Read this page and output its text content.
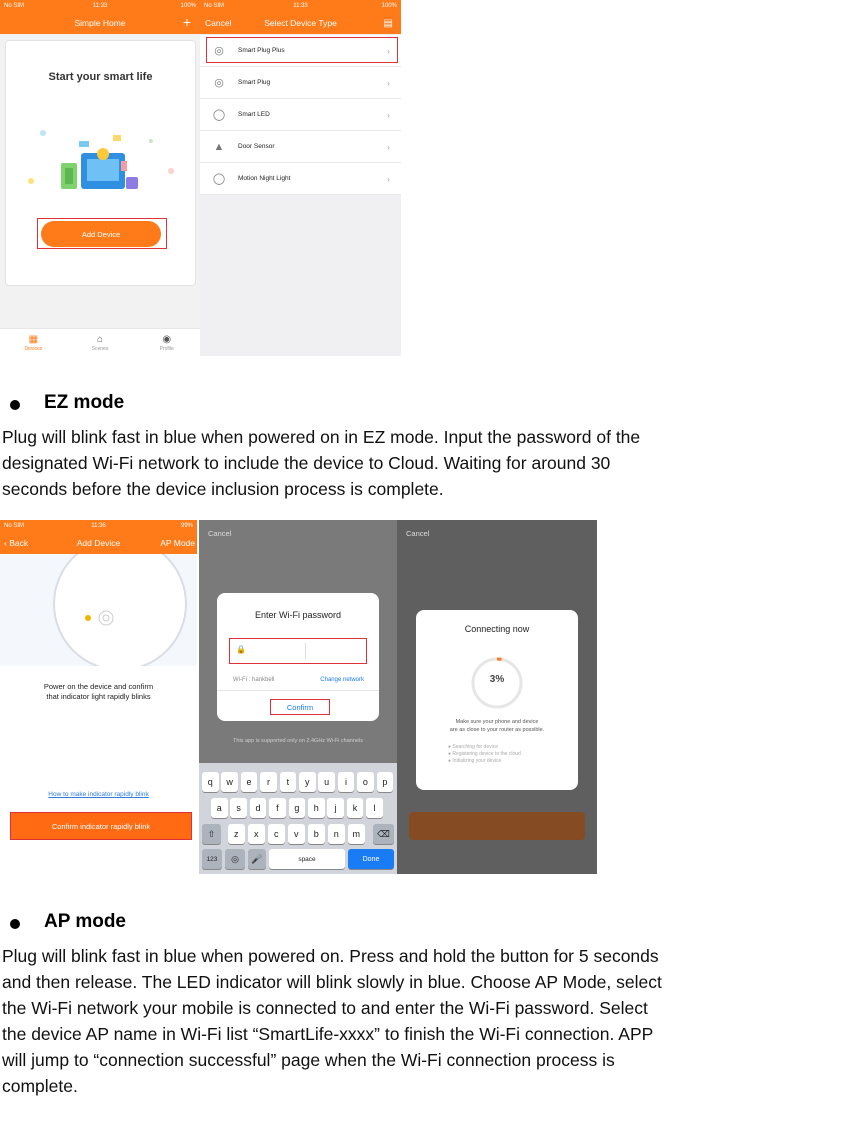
No SIM	11:33	100%
Simple Home	+
Start your smart life
Add Device
▦
Devices
⌂
Scenes
◉
Profile
No SIM	11:33	100%
Cancel	Select Device Type	▤
◎	Smart Plug Plus	›
◎	Smart Plug	›
◯	Smart LED	›
▲	Door Sensor	›
◯	Motion Night Light	›
EZ mode
Plug will blink fast in blue when powered on in EZ mode. Input the password of the
designated Wi-Fi network to include the device to Cloud. Waiting for around 30
seconds before the device inclusion process is complete.
No SIM	11:36	99%
‹ Back	Add Device	AP Mode
Power on the device and confirm
that indicator light rapidly blinks
How to make indicator rapidly blink
Confirm indicator rapidly blink
Cancel
Enter Wi-Fi password
🔒
Wi-Fi : hankbell	Change network
Confirm
This app is supported only on 2.4GHz Wi-Fi channels
q	w	e	r	t	y	u	i	o	p
a	s	d	f	g	h	j	k	l
z	x	c	v	b	n	m
⇧	⌫
123	◎	🎤	space	Done
Cancel
Connecting now
3%
Make sure your phone and device
are as close to your router as possible.
● Searching for device
● Registering device to the cloud
● Initializing your device
AP mode
Plug will blink fast in blue when powered on. Press and hold the button for 5 seconds
and then release. The LED indicator will blink slowly in blue. Choose AP Mode, select
the Wi-Fi network your mobile is connected to and enter the Wi-Fi password. Select
the device AP name in Wi-Fi list “SmartLife-xxxx” to finish the Wi-Fi connection. APP
will jump to “connection successful” page when the Wi-Fi connection process is
complete.
